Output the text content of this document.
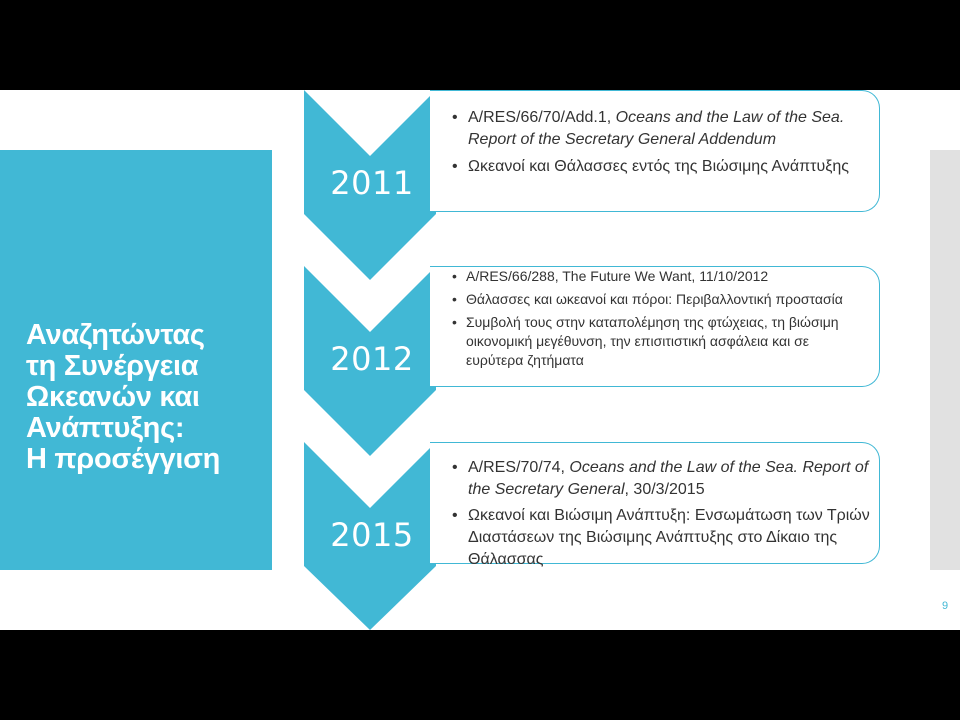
Αναζητώντας
τη Συνέργεια
Ωκεανών και
Ανάπτυξης:
Η προσέγγιση
2011
2012
2015
• A/RES/66/70/Add.1, Oceans and the Law of the Sea. Report of the Secretary General Addendum
• Ωκεανοί και Θάλασσες εντός της Βιώσιμης Ανάπτυξης
• A/RES/66/288, The Future We Want, 11/10/2012
• Θάλασσες και ωκεανοί και πόροι: Περιβαλλοντική προστασία
• Συμβολή τους στην καταπολέμηση της φτώχειας, τη βιώσιμη οικονομική μεγέθυνση, την επισιτιστική ασφάλεια και σε ευρύτερα ζητήματα
• A/RES/70/74, Oceans and the Law of the Sea. Report of the Secretary General, 30/3/2015
• Ωκεανοί και Βιώσιμη Ανάπτυξη: Ενσωμάτωση των Τριών Διαστάσεων της Βιώσιμης Ανάπτυξης στο Δίκαιο της Θάλασσας
9
